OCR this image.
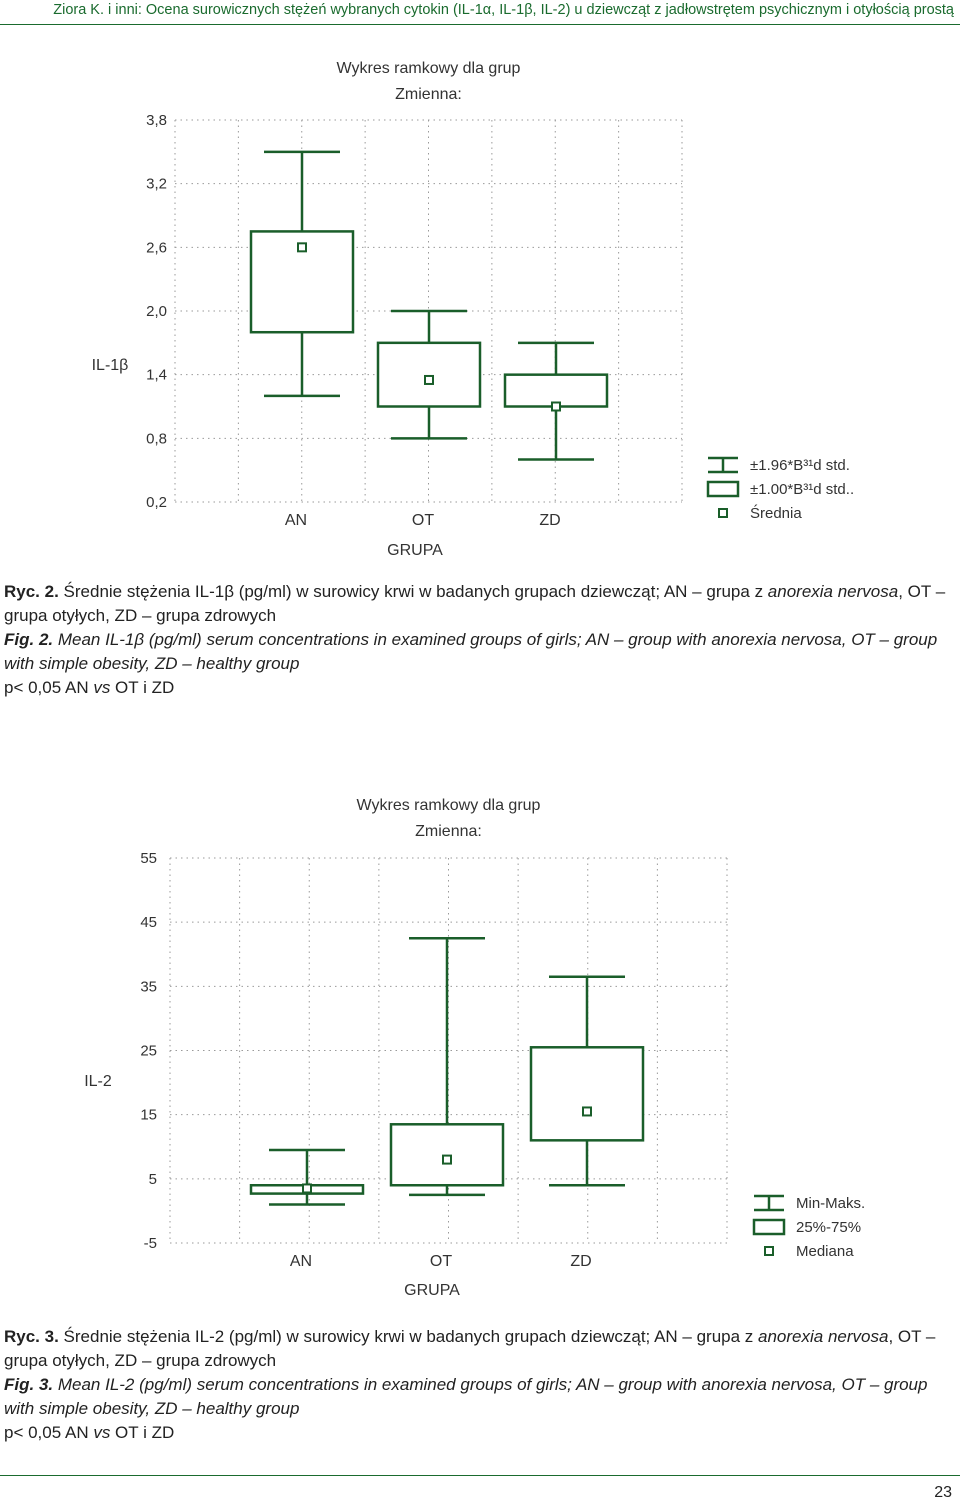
Ziora K. i inni: Ocena surowicznych stężeń wybranych cytokin (IL-1α, IL-1β, IL-2) u dziewcząt z jadłowstrętem psychicznym i otyłością prostą
Wykres ramkowy dla grup
Zmienna:
3,8
3,2
2,6
2,0
1,4
0,8
0,2
IL-1β
AN	OT	ZD
GRUPA
±1.96*B³¹d std.
±1.00*B³¹d std..
Średnia

Ryc. 2. Średnie stężenia IL-1β (pg/ml) w surowicy krwi w badanych grupach dziewcząt; AN – grupa z anorexia nervosa, OT – grupa otyłych, ZD – grupa zdrowych

Fig. 2. Mean IL-1β (pg/ml) serum concentrations in examined groups of girls; AN – group with anorexia nervosa, OT – group with simple obesity, ZD – healthy group

p< 0,05 AN vs OT i ZD

Wykres ramkowy dla grup
Zmienna:
55
45
35
25
15
5
-5
IL-2
AN	OT	ZD
GRUPA
Min-Maks.
25%-75%
Mediana

Ryc. 3. Średnie stężenia IL-2 (pg/ml) w surowicy krwi w badanych grupach dziewcząt; AN – grupa z anorexia nervosa, OT – grupa otyłych, ZD – grupa zdrowych

Fig. 3. Mean IL-2 (pg/ml) serum concentrations in examined groups of girls; AN – group with anorexia nervosa, OT – group with simple obesity, ZD – healthy group

p< 0,05 AN vs OT i ZD

23
